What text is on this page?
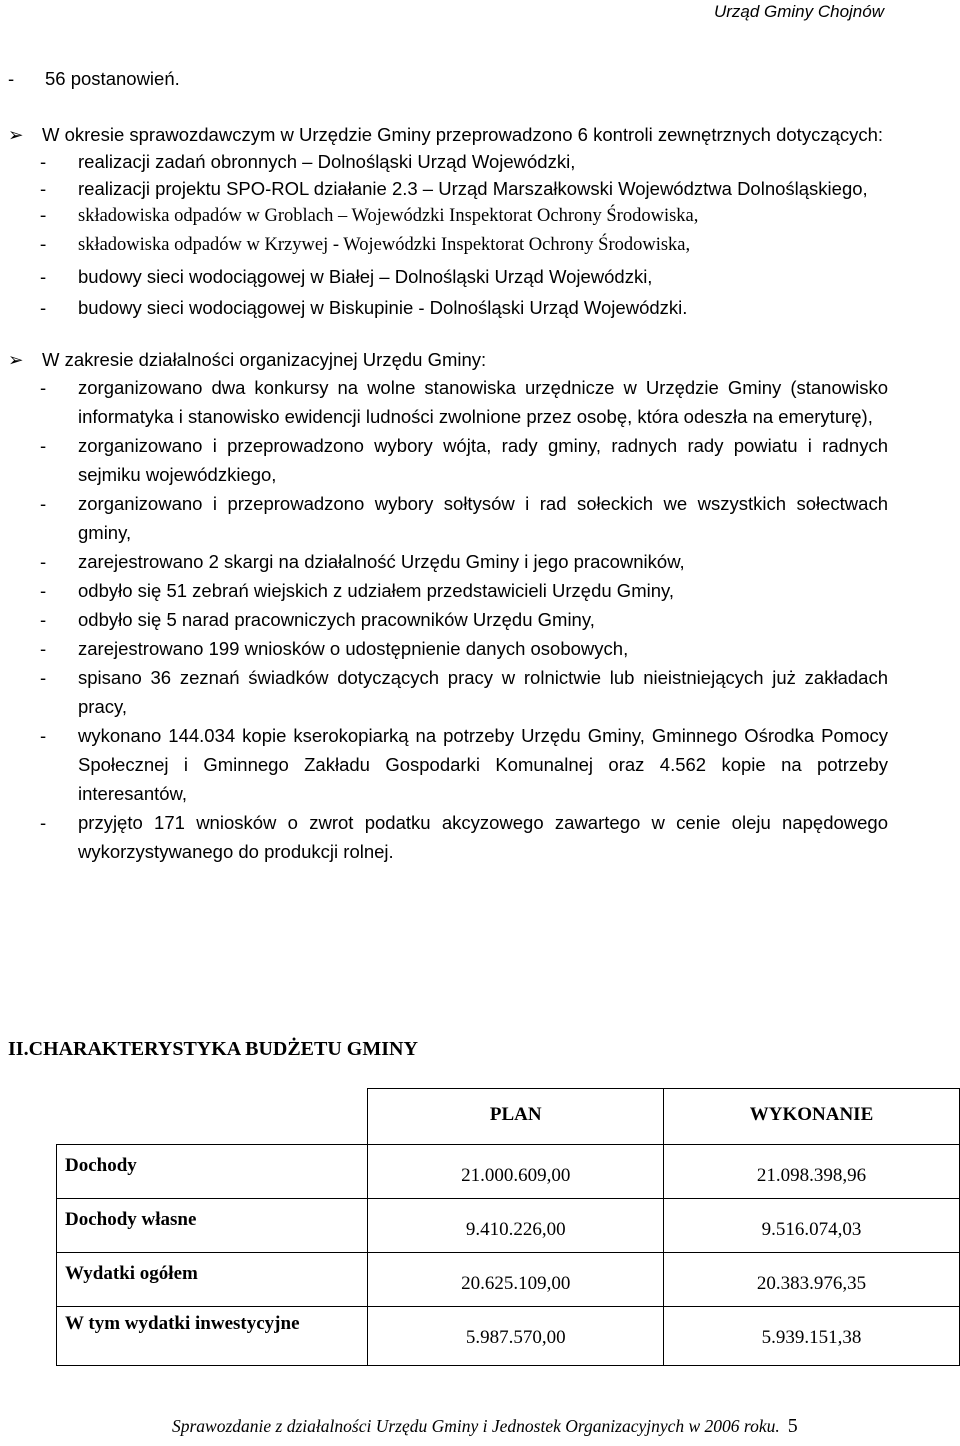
Urząd Gminy Chojnów
- 56 postanowień.
➢ W okresie sprawozdawczym w Urzędzie Gminy przeprowadzono 6 kontroli zewnętrznych dotyczących:
- realizacji zadań obronnych – Dolnośląski Urząd Wojewódzki,
- realizacji projektu SPO-ROL działanie 2.3 – Urząd Marszałkowski Województwa Dolnośląskiego,
- składowiska odpadów w Groblach – Wojewódzki Inspektorat Ochrony Środowiska,
- składowiska odpadów w Krzywej - Wojewódzki Inspektorat Ochrony Środowiska,
- budowy sieci wodociągowej w Białej – Dolnośląski Urząd Wojewódzki,
- budowy sieci wodociągowej w Biskupinie - Dolnośląski Urząd Wojewódzki.
➢ W zakresie działalności organizacyjnej Urzędu Gminy:
- zorganizowano dwa konkursy na wolne stanowiska urzędnicze w Urzędzie Gminy (stanowisko informatyka i stanowisko ewidencji ludności zwolnione przez osobę, która odeszła na emeryturę),
- zorganizowano i przeprowadzono wybory wójta, rady gminy, radnych rady powiatu i radnych sejmiku wojewódzkiego,
- zorganizowano i przeprowadzono wybory sołtysów i rad sołeckich we wszystkich sołectwach gminy,
- zarejestrowano 2 skargi na działalność Urzędu Gminy i jego pracowników,
- odbyło się 51 zebrań wiejskich z udziałem przedstawicieli Urzędu Gminy,
- odbyło się 5 narad pracowniczych pracowników Urzędu Gminy,
- zarejestrowano 199 wniosków o udostępnienie danych osobowych,
- spisano 36 zeznań świadków dotyczących pracy w rolnictwie lub nieistniejących już zakładach pracy,
- wykonano 144.034 kopie kserokopiarką na potrzeby Urzędu Gminy, Gminnego Ośrodka Pomocy Społecznej i Gminnego Zakładu Gospodarki Komunalnej oraz 4.562 kopie na potrzeby interesantów,
- przyjęto 171 wniosków o zwrot podatku akcyzowego zawartego w cenie oleju napędowego wykorzystywanego do produkcji rolnej.
II.CHARAKTERYSTYKA BUDŻETU GMINY
	PLAN	WYKONANIE
Dochody	21.000.609,00	21.098.398,96
Dochody własne	9.410.226,00	9.516.074,03
Wydatki ogółem	20.625.109,00	20.383.976,35
W tym wydatki inwestycyjne	5.987.570,00	5.939.151,38
Sprawozdanie z działalności Urzędu Gminy i Jednostek Organizacyjnych w 2006 roku. 5
